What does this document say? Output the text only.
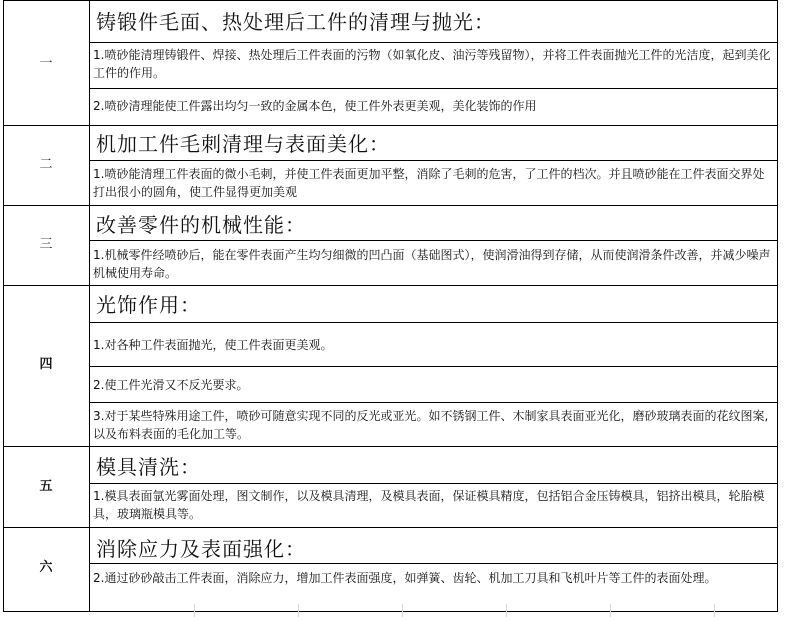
一
铸锻件毛面、热处理后工件的清理与抛光：
1.喷砂能清理铸锻件、焊接、热处理后工件表面的污物（如氧化皮、油污等残留物），并将工件表面抛光工件的光洁度，起到美化工件的作用。
2.喷砂清理能使工件露出均匀一致的金属本色，使工件外表更美观，美化装饰的作用
二
机加工件毛刺清理与表面美化：
1.喷砂能清理工件表面的微小毛刺，并使工件表面更加平整，消除了毛刺的危害，了工件的档次。并且喷砂能在工件表面交界处打出很小的圆角，使工件显得更加美观
三
改善零件的机械性能：
1.机械零件经喷砂后，能在零件表面产生均匀细微的凹凸面（基础图式），使润滑油得到存储，从而使润滑条件改善，并减少噪声机械使用寿命。
四
光饰作用：
1.对各种工件表面抛光，使工件表面更美观。
2.使工件光滑又不反光要求。
3.对于某些特殊用途工件，喷砂可随意实现不同的反光或亚光。如不锈钢工件、木制家具表面亚光化，磨砂玻璃表面的花纹图案,以及布料表面的毛化加工等。
五
模具清洗：
1.模具表面氩光雾面处理，图文制作，以及模具清理，及模具表面，保证模具精度，包括铝合金压铸模具，铝挤出模具，轮胎模具，玻璃瓶模具等。
六
消除应力及表面强化：
2.通过砂砂敲击工件表面，消除应力，增加工件表面强度，如弹簧、齿轮、机加工刀具和飞机叶片等工件的表面处理。
